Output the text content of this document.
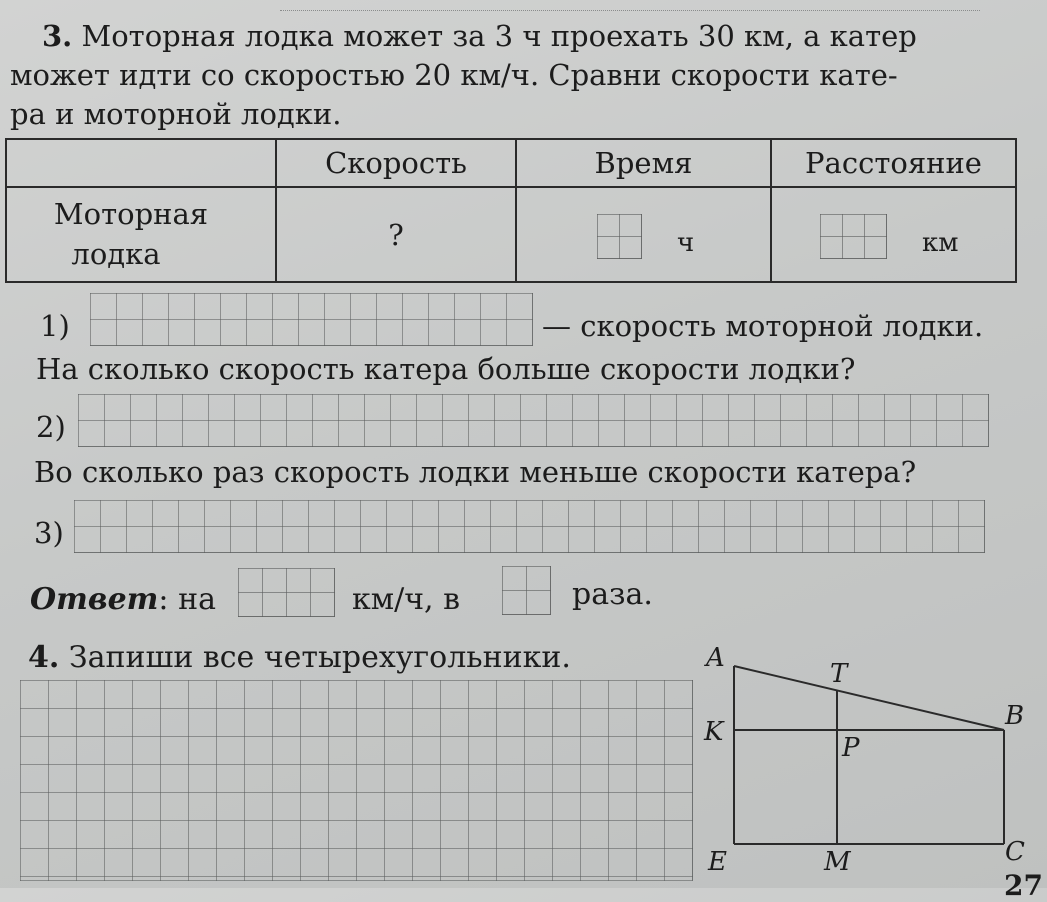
3. Моторная лодка может за 3 ч проехать 30 км, а катер
может идти со скоростью 20 км/ч. Сравни скорости кате-
ра и моторной лодки.
	Скорость	Время	Расстояние

Моторная
лодка	?	ч	км
1)	— скорость моторной лодки.
На сколько скорость катера больше скорости лодки?
2)
Во сколько раз скорость лодки меньше скорости катера?
3)
Ответ: на	км/ч, в	раза.
4. Запиши все четырехугольники.	A
T
B
K
P
E	M	C
27
